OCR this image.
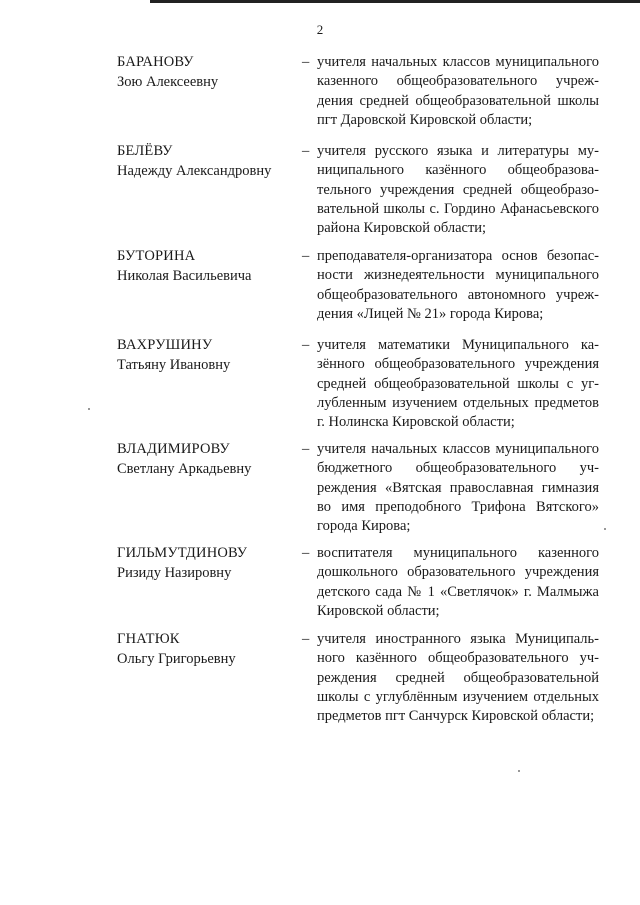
2
БАРАНОВУ
Зою Алексеевну
– учителя начальных классов муниципального казенного общеобразовательного учреждения средней общеобразовательной школы пгт Даровской Кировской области;
БЕЛЁВУ
Надежду Александровну
– учителя русского языка и литературы муниципального казённого общеобразовательного учреждения средней общеобразовательной школы с. Гордино Афанасьевского района Кировской области;
БУТОРИНА
Николая Васильевича
– преподавателя-организатора основ безопасности жизнедеятельности муниципального общеобразовательного автономного учреждения «Лицей № 21» города Кирова;
ВАХРУШИНУ
Татьяну Ивановну
– учителя математики Муниципального казённого общеобразовательного учреждения средней общеобразовательной школы с углубленным изучением отдельных предметов г. Нолинска Кировской области;
ВЛАДИМИРОВУ
Светлану Аркадьевну
– учителя начальных классов муниципального бюджетного общеобразовательного учреждения «Вятская православная гимназия во имя преподобного Трифона Вятского» города Кирова;
ГИЛЬМУТДИНОВУ
Ризиду Назировну
– воспитателя муниципального казенного дошкольного образовательного учреждения детского сада № 1 «Светлячок» г. Малмыжа Кировской области;
ГНАТЮК
Ольгу Григорьевну
– учителя иностранного языка Муниципального казённого общеобразовательного учреждения средней общеобразовательной школы с углублённым изучением отдельных предметов пгт Санчурск Кировской области;
